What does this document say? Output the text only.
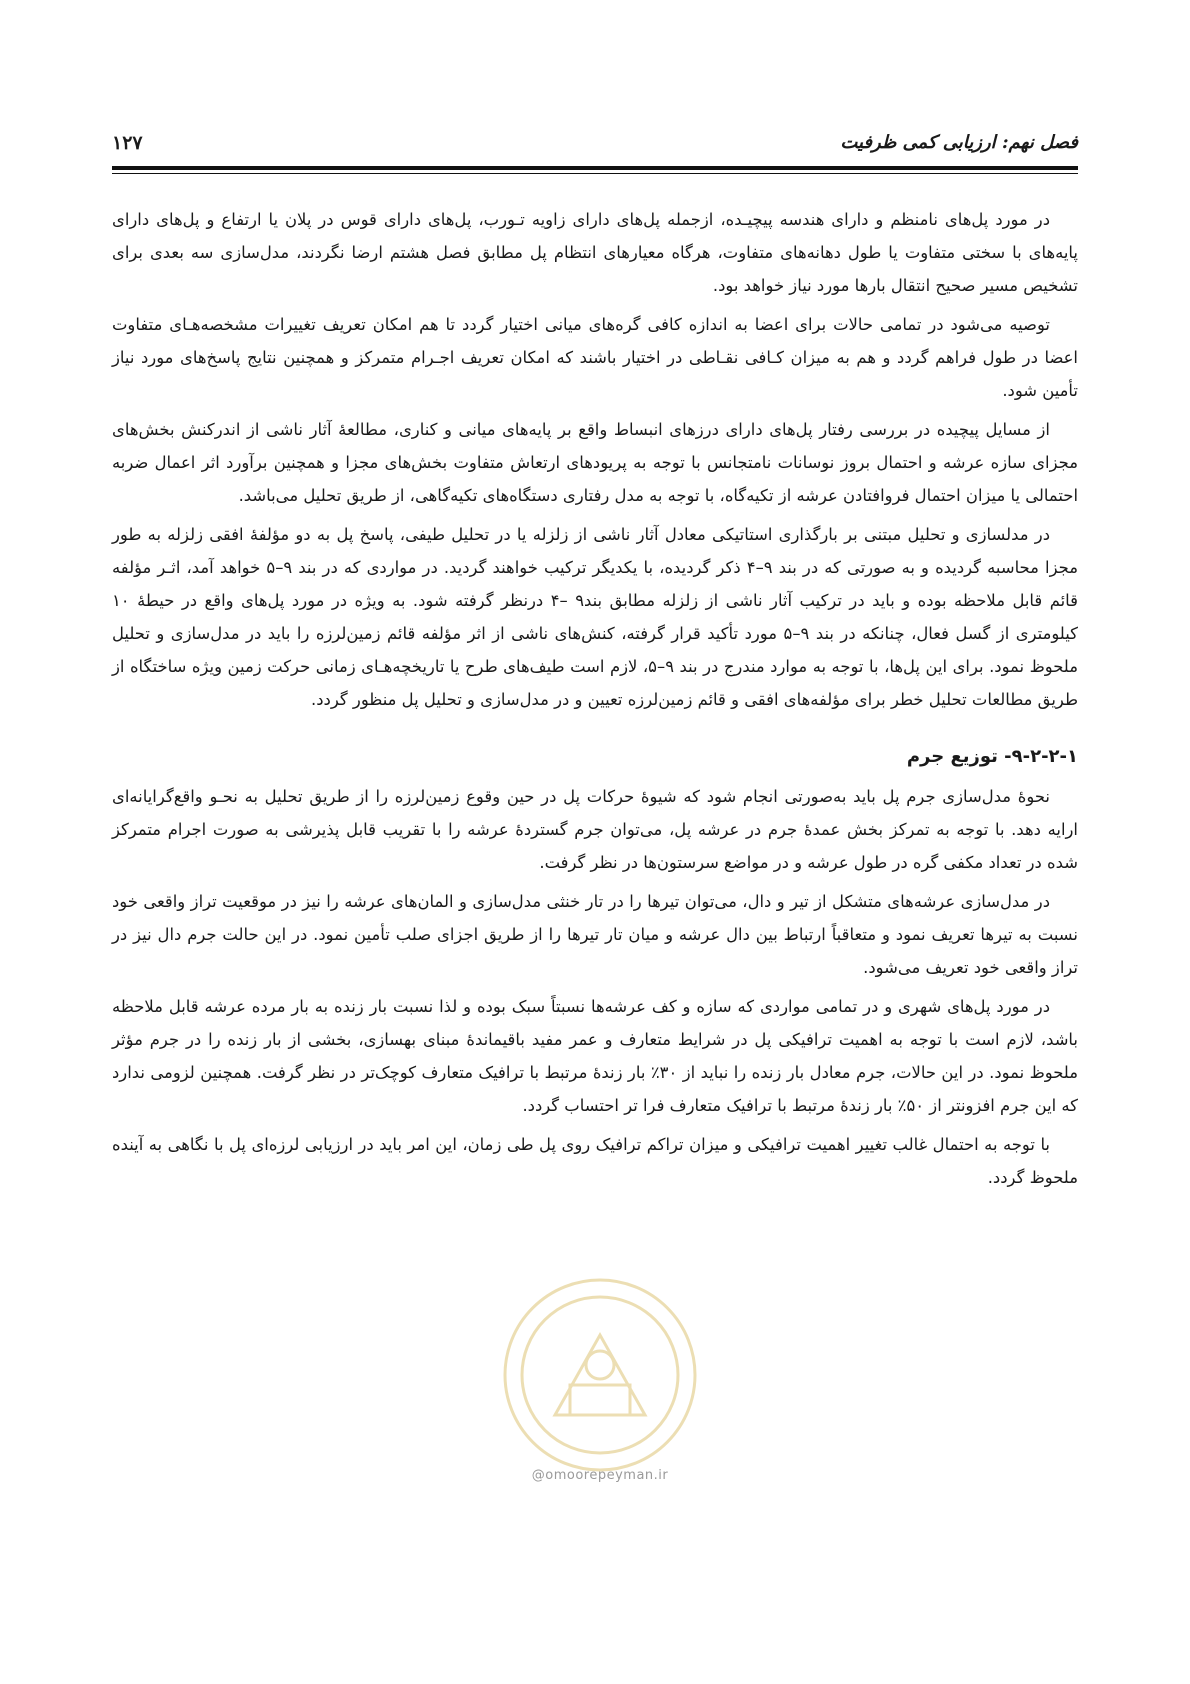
فصل نهم: ارزیابی کمی ظرفیت
۱۲۷

در مورد پل‌های نامنظم و دارای هندسه پیچیـده، ازجمله پل‌های دارای زاویه تـورب، پل‌های دارای قوس در پلان یا ارتفاع و پل‌های دارای پایه‌های با سختی متفاوت یا طول دهانه‌های متفاوت، هرگاه معیارهای انتظام پل مطابق فصل هشتم ارضا نگردند، مدل‌سازی سه بعدی برای تشخیص مسیر صحیح انتقال بارها مورد نیاز خواهد بود.

توصیه می‌شود در تمامی حالات برای اعضا به اندازه کافی گره‌های میانی اختیار گردد تا هم امکان تعریف تغییرات مشخصه‌هـای متفاوت اعضا در طول فراهم گردد و هم به میزان کـافی نقـاطی در اختیار باشند که امکان تعریف اجـرام متمرکز و همچنین نتایج پاسخ‌های مورد نیاز تأمین شود.

از مسایل پیچیده در بررسی رفتار پل‌های دارای درزهای انبساط واقع بر پایه‌های میانی و کناری، مطالعهٔ آثار ناشی از اندرکنش بخش‌های مجزای سازه عرشه و احتمال بروز نوسانات نامتجانس با توجه به پریودهای ارتعاش متفاوت بخش‌های مجزا و همچنین برآورد اثر اعمال ضربه احتمالی یا میزان احتمال فروافتادن عرشه از تکیه‌گاه، با توجه به مدل رفتاری دستگاه‌های تکیه‌گاهی، از طریق تحلیل می‌باشد.

در مدلسازی و تحلیل مبتنی بر بارگذاری استاتیکی معادل آثار ناشی از زلزله یا در تحلیل طیفی، پاسخ پل به دو مؤلفهٔ افقی زلزله به طور مجزا محاسبه گردیده و به صورتی که در بند ۹–۴ ذکر گردیده، با یکدیگر ترکیب خواهند گردید. در مواردی که در بند ۹–۵ خواهد آمد، اثـر مؤلفه قائم قابل ملاحظه بوده و باید در ترکیب آثار ناشی از زلزله مطابق بند۹ –۴ درنظر گرفته شود. به ویژه در مورد پل‌های واقع در حیطهٔ ۱۰ کیلومتری از گسل فعال، چنانکه در بند ۹–۵ مورد تأکید قرار گرفته، کنش‌های ناشی از اثر مؤلفه قائم زمین‌لرزه را باید در مدل‌سازی و تحلیل ملحوظ نمود. برای این پل‌ها، با توجه به موارد مندرج در بند ۹–۵، لازم است طیف‌های طرح یا تاریخچه‌هـای زمانی حرکت زمین ویژه ساختگاه از طریق مطالعات تحلیل خطر برای مؤلفه‌های افقی و قائم زمین‌لرزه تعیین و در مدل‌سازی و تحلیل پل منظور گردد.

۹-۲-۲-۱- توزیع جرم

نحوهٔ مدل‌سازی جرم پل باید به‌صورتی انجام شود که شیوهٔ حرکات پل در حین وقوع زمین‌لرزه را از طریق تحلیل به نحـو واقع‌گرایانه‌ای ارایه دهد. با توجه به تمرکز بخش عمدهٔ جرم در عرشه پل، می‌توان جرم گستردهٔ عرشه را با تقریب قابل پذیرشی به صورت اجرام متمرکز شده در تعداد مکفی گره در طول عرشه و در مواضع سرستون‌ها در نظر گرفت.

در مدل‌سازی عرشه‌های متشکل از تیر و دال، می‌توان تیرها را در تار خنثی مدل‌سازی و المان‌های عرشه را نیز در موقعیت تراز واقعی خود نسبت به تیرها تعریف نمود و متعاقباً ارتباط بین دال عرشه و میان تار تیرها را از طریق اجزای صلب تأمین نمود. در این حالت جرم دال نیز در تراز واقعی خود تعریف می‌شود.

در مورد پل‌های شهری و در تمامی مواردی که سازه و کف عرشه‌ها نسبتاً سبک بوده و لذا نسبت بار زنده به بار مرده عرشه قابل ملاحظه باشد، لازم است با توجه به اهمیت ترافیکی پل در شرایط متعارف و عمر مفید باقیماندهٔ مبنای بهسازی، بخشی از بار زنده را در جرم مؤثر ملحوظ نمود. در این حالات، جرم معادل بار زنده را نباید از ۳۰٪ بار زندهٔ مرتبط با ترافیک متعارف کوچک‌تر در نظر گرفت. همچنین لزومی ندارد که این جرم افزونتر از ۵۰٪ بار زندهٔ مرتبط با ترافیک متعارف فرا تر احتساب گردد.

با توجه به احتمال غالب تغییر اهمیت ترافیکی و میزان تراکم ترافیک روی پل طی زمان، این امر باید در ارزیابی لرزه‌ای پل با نگاهی به آینده ملحوظ گردد.

@omoorepeyman.ir
